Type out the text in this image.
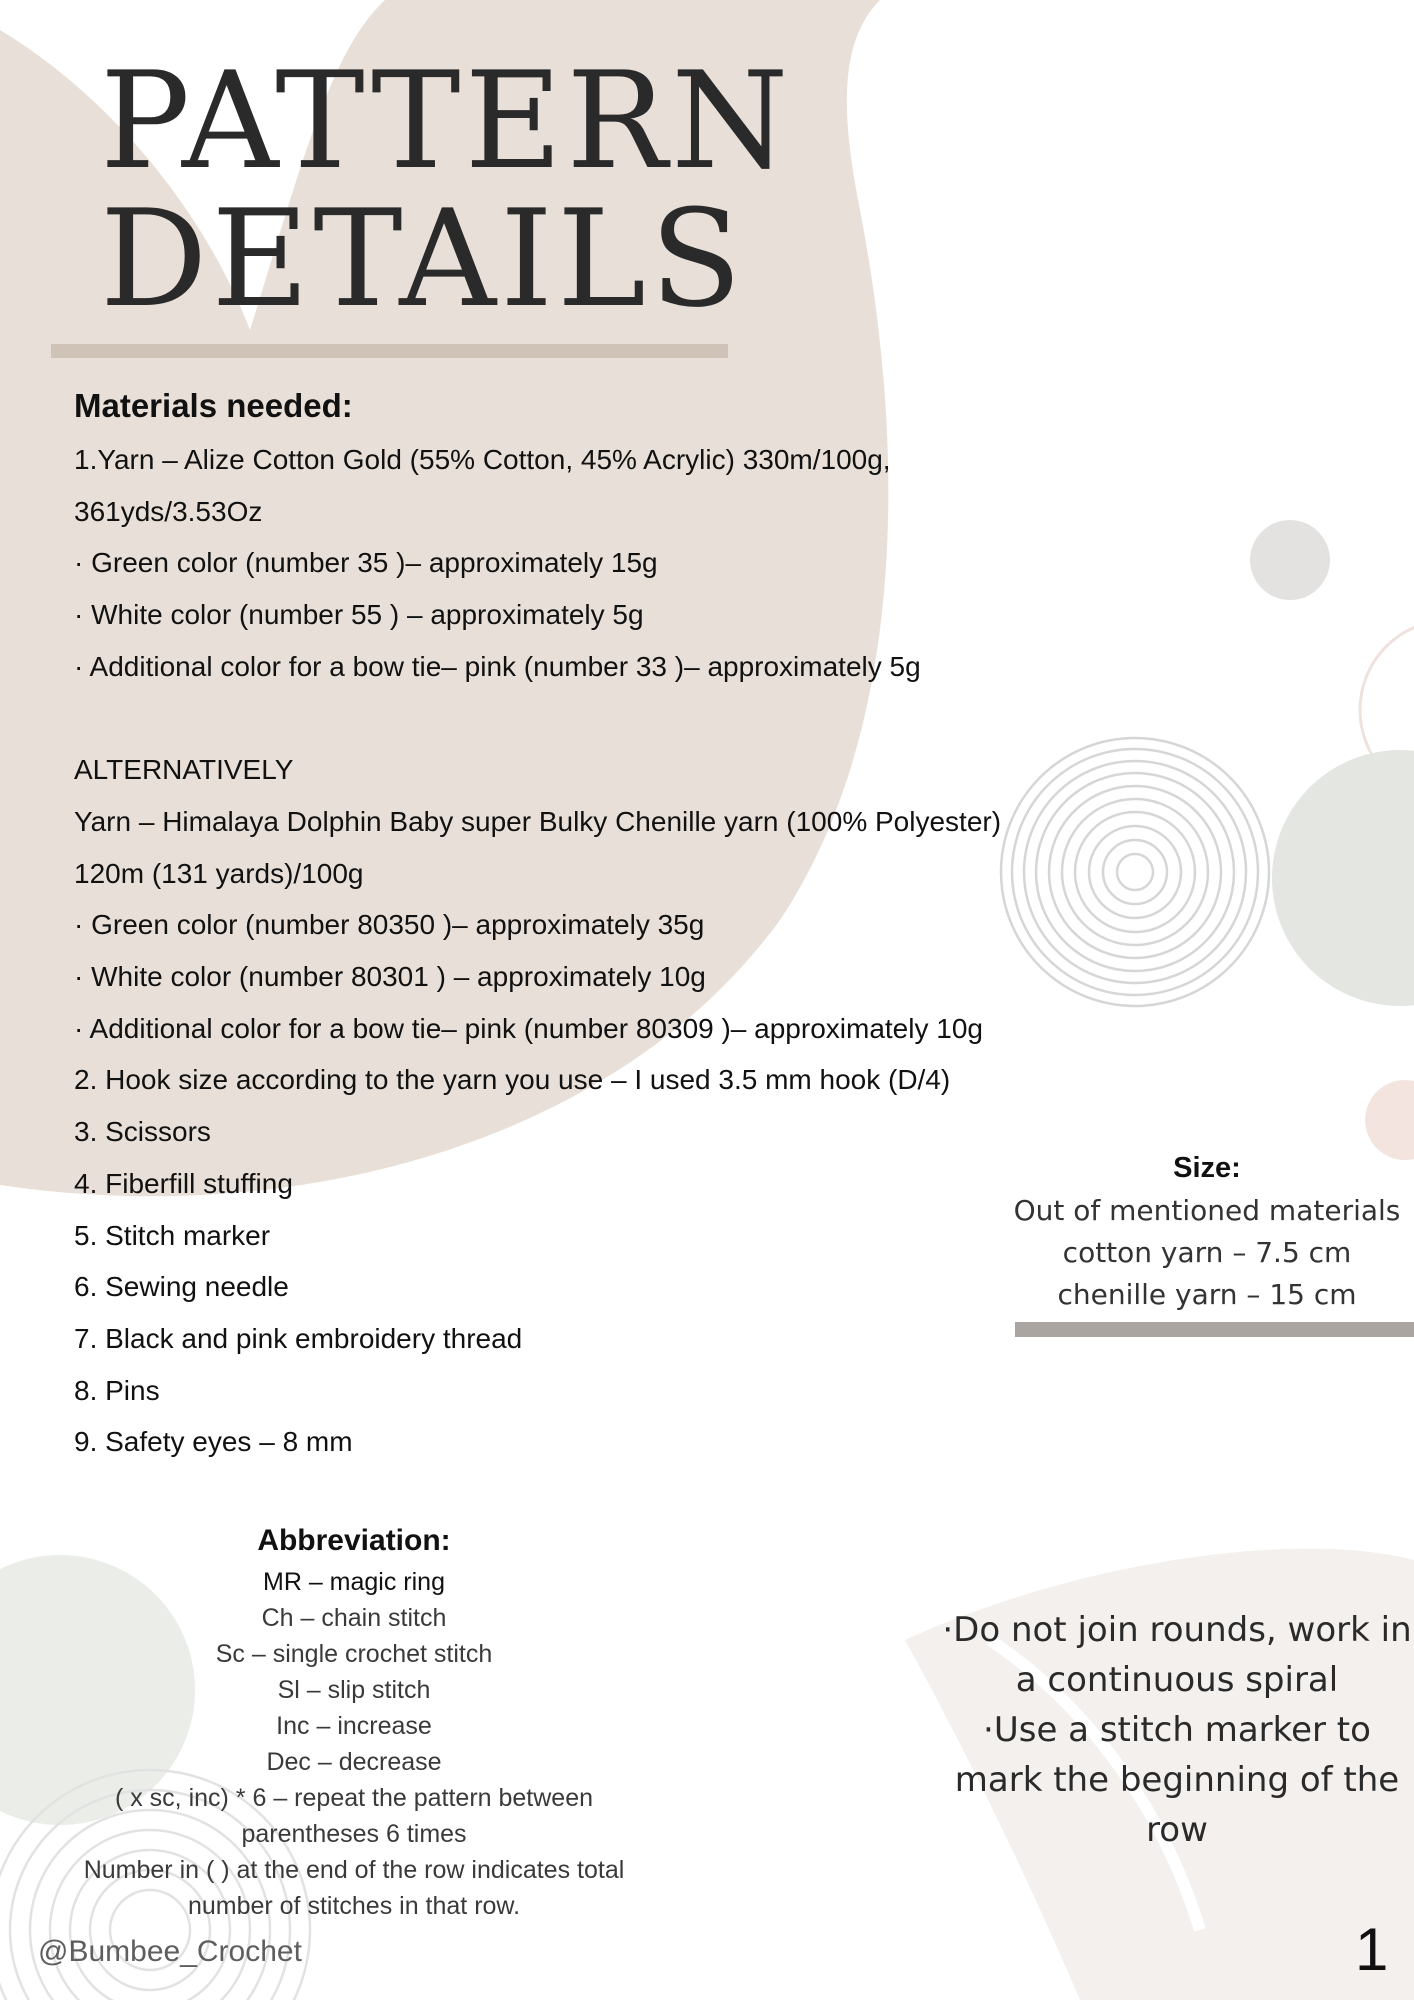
PATTERN
DETAILS
Materials needed:
1.Yarn – Alize Cotton Gold (55% Cotton, 45% Acrylic) 330m/100g,
361yds/3.53Oz
· Green color (number 35 )– approximately 15g
· White color (number 55 ) – approximately 5g
· Additional color for a bow tie– pink (number 33 )– approximately 5g

ALTERNATIVELY
Yarn – Himalaya Dolphin Baby super Bulky Chenille yarn (100% Polyester)
120m (131 yards)/100g
· Green color (number 80350 )– approximately 35g
· White color (number 80301 ) – approximately 10g
· Additional color for a bow tie– pink (number 80309 )– approximately 10g
2. Hook size according to the yarn you use – I used 3.5 mm hook (D/4)
3. Scissors
4. Fiberfill stuffing
5. Stitch marker
6. Sewing needle
7. Black and pink embroidery thread
8. Pins
9. Safety eyes – 8 mm
Size:

Out of mentioned materials

cotton yarn – 7.5 cm

chenille yarn – 15 cm

Abbreviation:
MR – magic ring
Ch – chain stitch
Sc – single crochet stitch
Sl – slip stitch
Inc – increase
Dec – decrease
( x sc, inc) * 6 – repeat the pattern between
parentheses 6 times
Number in ( ) at the end of the row indicates total
number of stitches in that row.

·Do not join rounds, work in

a continuous spiral

·Use a stitch marker to

mark the beginning of the

row

@Bumbee_Crochet	1
